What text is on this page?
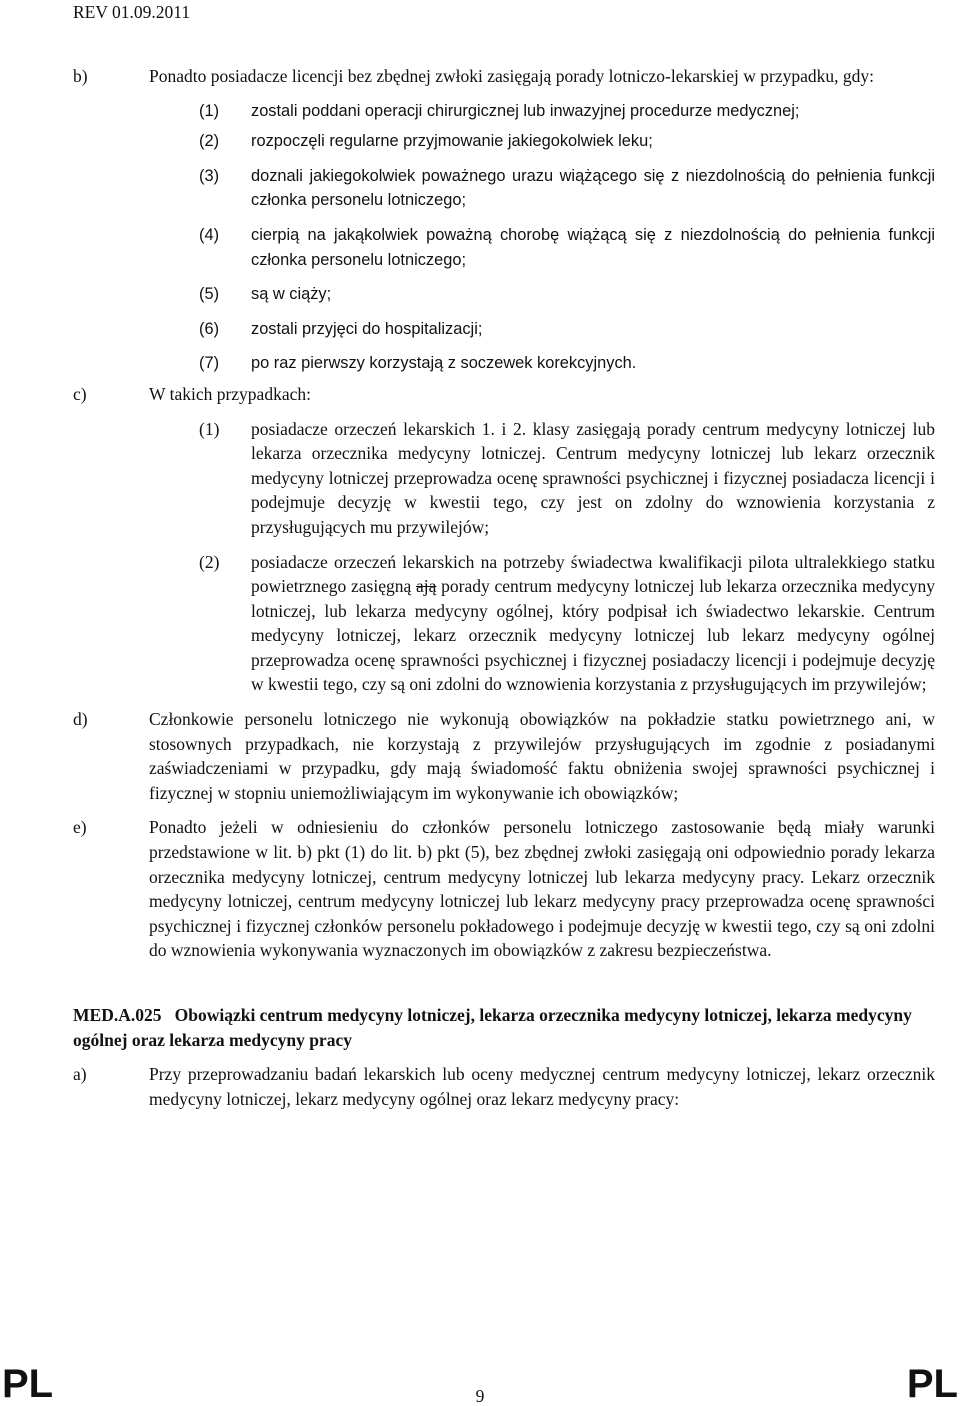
REV 01.09.2011
b)	Ponadto posiadacze licencji bez zbędnej zwłoki zasięgają porady lotniczo-lekarskiej w przypadku, gdy:
(1)	zostali poddani operacji chirurgicznej lub inwazyjnej procedurze medycznej;
(2)	rozpoczęli regularne przyjmowanie jakiegokolwiek leku;
(3)	doznali jakiegokolwiek poważnego urazu wiążącego się z niezdolnością do pełnienia funkcji członka personelu lotniczego;
(4)	cierpią na jakąkolwiek poważną chorobę wiążącą się z niezdolnością do pełnienia funkcji członka personelu lotniczego;
(5)	są w ciąży;
(6)	zostali przyjęci do hospitalizacji;
(7)	po raz pierwszy korzystają z soczewek korekcyjnych.
c)	W takich przypadkach:
(1)	posiadacze orzeczeń lekarskich 1. i 2. klasy zasięgają porady centrum medycyny lotniczej lub lekarza orzecznika medycyny lotniczej. Centrum medycyny lotniczej lub lekarz orzecznik medycyny lotniczej przeprowadza ocenę sprawności psychicznej i fizycznej posiadacza licencji i podejmuje decyzję w kwestii tego, czy jest on zdolny do wznowienia korzystania z przysługujących mu przywilejów;
(2)	posiadacze orzeczeń lekarskich na potrzeby świadectwa kwalifikacji pilota ultralekkiego statku powietrznego zasięgną ają porady centrum medycyny lotniczej lub lekarza orzecznika medycyny lotniczej, lub lekarza medycyny ogólnej, który podpisał ich świadectwo lekarskie. Centrum medycyny lotniczej, lekarz orzecznik medycyny lotniczej lub lekarz medycyny ogólnej przeprowadza ocenę sprawności psychicznej i fizycznej posiadaczy licencji i podejmuje decyzję w kwestii tego, czy są oni zdolni do wznowienia korzystania z przysługujących im przywilejów;
d)	Członkowie personelu lotniczego nie wykonują obowiązków na pokładzie statku powietrznego ani, w stosownych przypadkach, nie korzystają z przywilejów przysługujących im zgodnie z posiadanymi zaświadczeniami w przypadku, gdy mają świadomość faktu obniżenia swojej sprawności psychicznej i fizycznej w stopniu uniemożliwiającym im wykonywanie ich obowiązków;
e)	Ponadto jeżeli w odniesieniu do członków personelu lotniczego zastosowanie będą miały warunki przedstawione w lit. b) pkt (1) do lit. b) pkt (5), bez zbędnej zwłoki zasięgają oni odpowiednio porady lekarza orzecznika medycyny lotniczej, centrum medycyny lotniczej lub lekarza medycyny pracy. Lekarz orzecznik medycyny lotniczej, centrum medycyny lotniczej lub lekarz medycyny pracy przeprowadza ocenę sprawności psychicznej i fizycznej członków personelu pokładowego i podejmuje decyzję w kwestii tego, czy są oni zdolni do wznowienia wykonywania wyznaczonych im obowiązków z zakresu bezpieczeństwa.
MED.A.025 Obowiązki centrum medycyny lotniczej, lekarza orzecznika medycyny lotniczej, lekarza medycyny ogólnej oraz lekarza medycyny pracy
a)	Przy przeprowadzaniu badań lekarskich lub oceny medycznej centrum medycyny lotniczej, lekarz orzecznik medycyny lotniczej, lekarz medycyny ogólnej oraz lekarz medycyny pracy:
PL	9	PL
